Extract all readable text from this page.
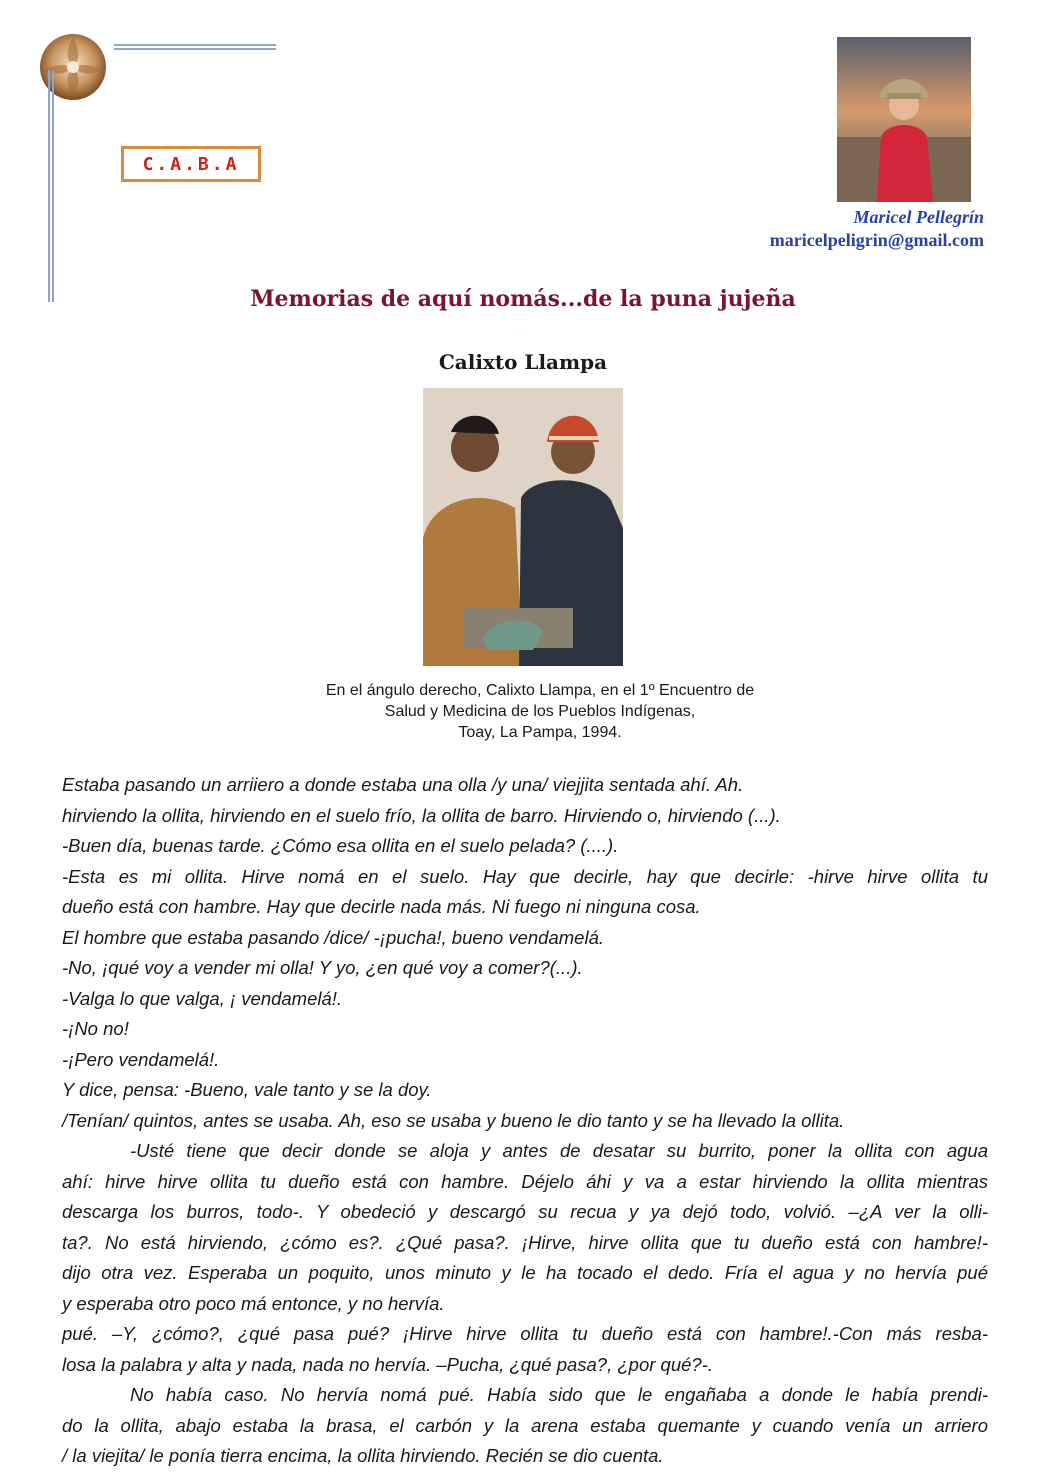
C.A.B.A
Maricel Pellegrín
maricelpeligrin@gmail.com
Memorias de aquí nomás...de la puna jujeña
Calixto Llampa
En el ángulo derecho, Calixto Llampa, en el 1º Encuentro de
Salud y Medicina de los Pueblos Indígenas,
Toay, La Pampa, 1994.
Estaba pasando un arriiero a donde estaba una olla /y una/ viejjita sentada ahí. Ah.
hirviendo la ollita, hirviendo en el suelo frío, la ollita de barro. Hirviendo o, hirviendo (...).
-Buen día, buenas tarde. ¿Cómo esa ollita en el suelo pelada? (....).
-Esta es mi ollita. Hirve nomá en el suelo. Hay que decirle, hay que decirle: -hirve hirve ollita tu
dueño está con hambre. Hay que decirle nada más. Ni fuego ni ninguna cosa.
El hombre que estaba pasando /dice/ -¡pucha!, bueno vendamelá.
-No, ¡qué voy a vender mi olla! Y yo, ¿en qué voy a comer?(...).
-Valga lo que valga, ¡ vendamelá!.
-¡No no!
-¡Pero vendamelá!.
Y dice, pensa: -Bueno, vale tanto y se la doy.
/Tenían/ quintos, antes se usaba. Ah, eso se usaba y bueno le dio tanto y se ha llevado la ollita.
-Usté tiene que decir donde se aloja y antes de desatar su burrito, poner la ollita con agua
ahí: hirve hirve ollita tu dueño está con hambre. Déjelo áhi y va a estar hirviendo la ollita mientras
descarga los burros, todo-. Y obedeció y descargó su recua y ya dejó todo, volvió. –¿A ver la olli-
ta?. No está hirviendo, ¿cómo es?. ¿Qué pasa?. ¡Hirve, hirve ollita que tu dueño está con hambre!-
dijo otra vez. Esperaba un poquito, unos minuto y le ha tocado el dedo. Fría el agua y no hervía pué
y esperaba otro poco má entonce, y no hervía.
pué. –Y, ¿cómo?, ¿qué pasa pué? ¡Hirve hirve ollita tu dueño está con hambre!.-Con más resba-
losa la palabra y alta y nada, nada no hervía. –Pucha, ¿qué pasa?, ¿por qué?-.
No había caso. No hervía nomá pué. Había sido que le engañaba a donde le había prendi-
do la ollita, abajo estaba la brasa, el carbón y la arena estaba quemante y cuando venía un arriero
/ la viejita/ le ponía tierra encima, la ollita hirviendo. Recién se dio cuenta.
